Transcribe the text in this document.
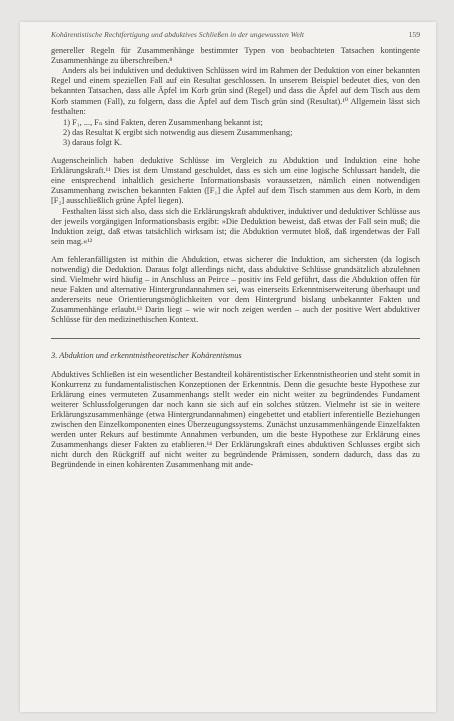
Kohärentistische Rechtfertigung und abduktives Schließen in der ungewussten Welt	159

genereller Regeln für Zusammenhänge bestimmter Typen von beobachteten Tatsachen kontingente Zusammenhänge zu überschreiben.⁸

Anders als bei induktiven und deduktiven Schlüssen wird im Rahmen der Deduktion von einer bekannten Regel und einem speziellen Fall auf ein Resultat geschlossen. In unserem Beispiel bedeutet dies, von den bekannten Tatsachen, dass alle Äpfel im Korb grün sind (Regel) und dass die Äpfel auf dem Tisch aus dem Korb stammen (Fall), zu folgern, dass die Äpfel auf dem Tisch grün sind (Resultat).¹⁰ Allgemein lässt sich festhalten:

1) F₁, ..., Fₙ sind Fakten, deren Zusammenhang bekannt ist;
2) das Resultat K ergibt sich notwendig aus diesem Zusammenhang;
3) daraus folgt K.

Augenscheinlich haben deduktive Schlüsse im Vergleich zu Abduktion und Induktion eine hohe Erklärungskraft.¹¹ Dies ist dem Umstand geschuldet, dass es sich um eine logische Schlussart handelt, die eine entsprechend inhaltlich gesicherte Informationsbasis voraussetzen, nämlich einen notwendigen Zusammenhang zwischen bekannten Fakten ([F₁] die Äpfel auf dem Tisch stammen aus dem Korb, in dem [F₂] ausschließlich grüne Äpfel liegen).

Festhalten lässt sich also, dass sich die Erklärungskraft abduktiver, induktiver und deduktiver Schlüsse aus der jeweils vorgängigen Informationsbasis ergibt: »Die Deduktion beweist, daß etwas der Fall sein muß; die Induktion zeigt, daß etwas tatsächlich wirksam ist; die Abduktion vermutet bloß, daß irgendetwas der Fall sein mag.«¹²

Am fehleranfälligsten ist mithin die Abduktion, etwas sicherer die Induktion, am sichersten (da logisch notwendig) die Deduktion. Daraus folgt allerdings nicht, dass abduktive Schlüsse grundsätzlich abzulehnen sind. Vielmehr wird häufig – in Anschluss an Peirce – positiv ins Feld geführt, dass die Abduktion offen für neue Fakten und alternative Hintergrundannahmen sei, was einerseits Erkenntniserweiterung überhaupt und andererseits neue Orientierungsmöglichkeiten vor dem Hintergrund bislang unbekannter Fakten und Zusammenhänge erlaubt.¹³ Darin liegt – wie wir noch zeigen werden – auch der positive Wert abduktiver Schlüsse für den medizinethischen Kontext.

3. Abduktion und erkenntnistheoretischer Kohärentismus

Abduktives Schließen ist ein wesentlicher Bestandteil kohärentistischer Erkenntnistheorien und steht somit in Konkurrenz zu fundamentalistischen Konzeptionen der Erkenntnis. Denn die gesuchte beste Hypothese zur Erklärung eines vermuteten Zusammenhangs stellt weder ein nicht weiter zu begründendes Fundament weiterer Schlussfolgerungen dar noch kann sie sich auf ein solches stützen. Vielmehr ist sie in weitere Erklärungszusammenhänge (etwa Hintergrundannahmen) eingebettet und etabliert inferentielle Beziehungen zwischen den Einzelkomponenten eines Überzeugungssystems. Zunächst unzusammenhängende Einzelfakten werden unter Rekurs auf bestimmte Annahmen verbunden, um die beste Hypothese zur Erklärung eines Zusammenhangs dieser Fakten zu etablieren.¹⁴ Der Erklärungskraft eines abduktiven Schlusses ergibt sich nicht durch den Rückgriff auf nicht weiter zu begründende Prämissen, sondern dadurch, dass das zu Begründende in einen kohärenten Zusammenhang mit ande-
